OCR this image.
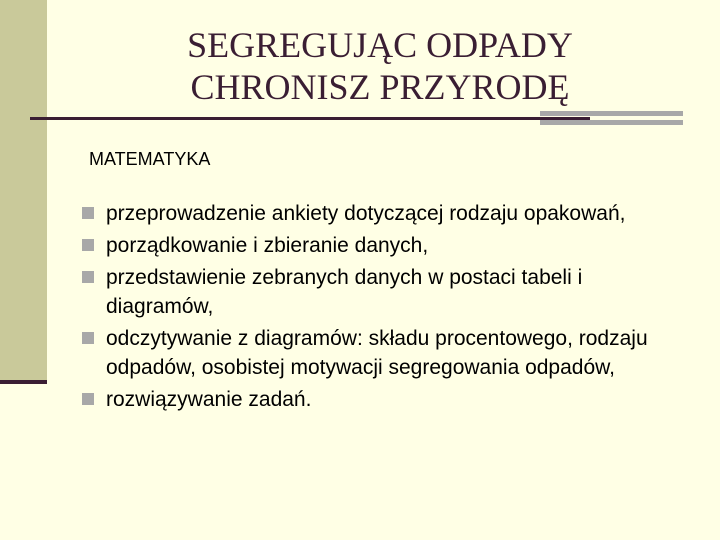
SEGREGUJĄC ODPADY
CHRONISZ PRZYRODĘ
MATEMATYKA
przeprowadzenie ankiety dotyczącej rodzaju opakowań,
porządkowanie i zbieranie danych,
przedstawienie zebranych danych w postaci tabeli i diagramów,
odczytywanie z diagramów: składu procentowego, rodzaju odpadów, osobistej motywacji segregowania odpadów,
rozwiązywanie zadań.
